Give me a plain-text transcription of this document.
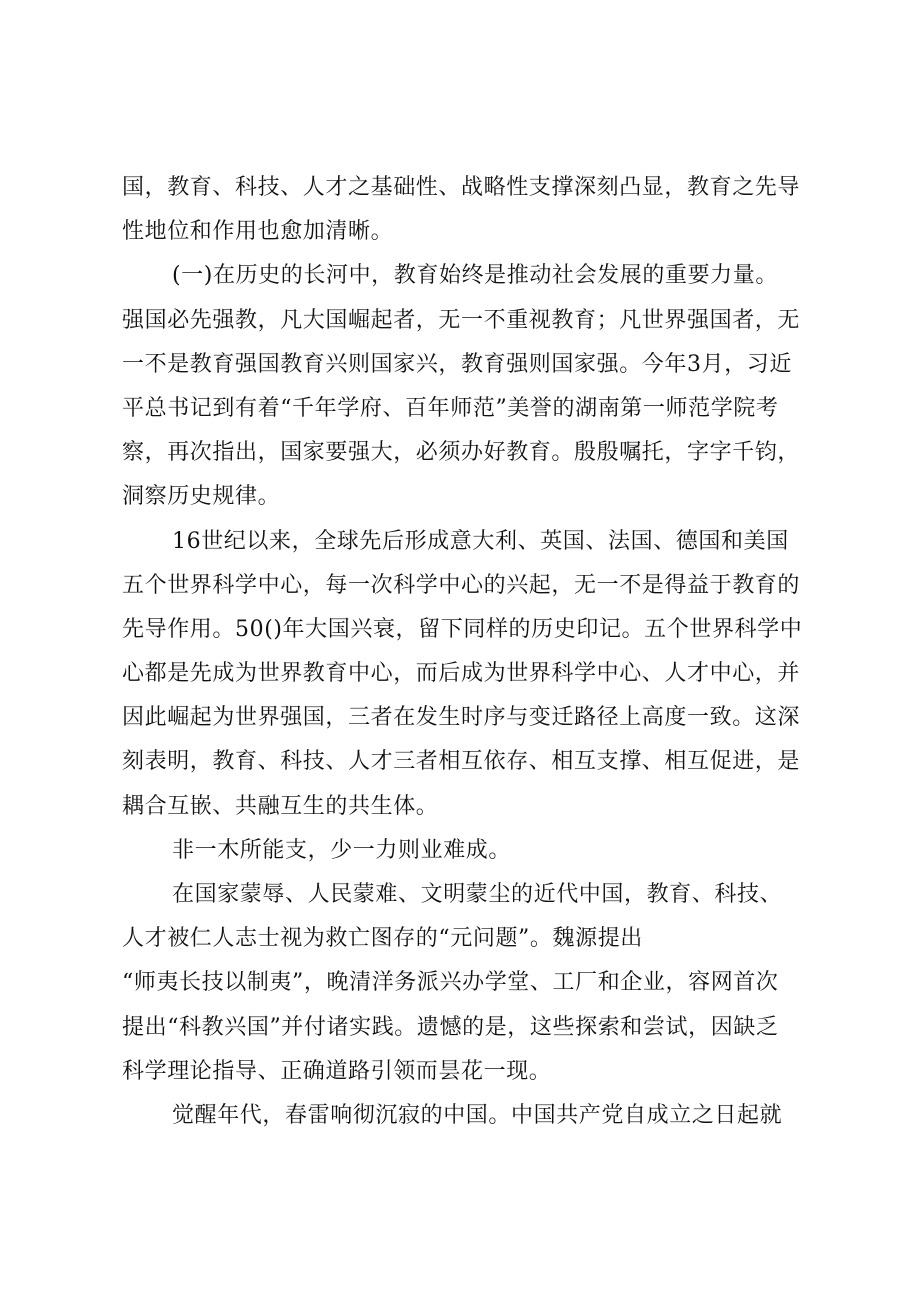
国，教育、科技、人才之基础性、战略性支撑深刻凸显，教育之先导
性地位和作用也愈加清晰。
(一)在历史的长河中，教育始终是推动社会发展的重要力量。
强国必先强教，凡大国崛起者，无一不重视教育；凡世界强国者，无
一不是教育强国教育兴则国家兴，教育强则国家强。今年3月，习近
平总书记到有着“千年学府、百年师范”美誉的湖南第一师范学院考
察，再次指出，国家要强大，必须办好教育。殷殷嘱托，字字千钧，
洞察历史规律。
16世纪以来，全球先后形成意大利、英国、法国、德国和美国
五个世界科学中心，每一次科学中心的兴起，无一不是得益于教育的
先导作用。50()年大国兴衰，留下同样的历史印记。五个世界科学中
心都是先成为世界教育中心，而后成为世界科学中心、人才中心，并
因此崛起为世界强国，三者在发生时序与变迁路径上高度一致。这深
刻表明，教育、科技、人才三者相互依存、相互支撑、相互促进，是
耦合互嵌、共融互生的共生体。
非一木所能支，少一力则业难成。
在国家蒙辱、人民蒙难、文明蒙尘的近代中国，教育、科技、
人才被仁人志士视为救亡图存的“元问题”。魏源提出
“师夷长技以制夷”，晚清洋务派兴办学堂、工厂和企业，容网首次
提出“科教兴国”并付诸实践。遗憾的是，这些探索和尝试，因缺乏
科学理论指导、正确道路引领而昙花一现。
觉醒年代，春雷响彻沉寂的中国。中国共产党自成立之日起就
